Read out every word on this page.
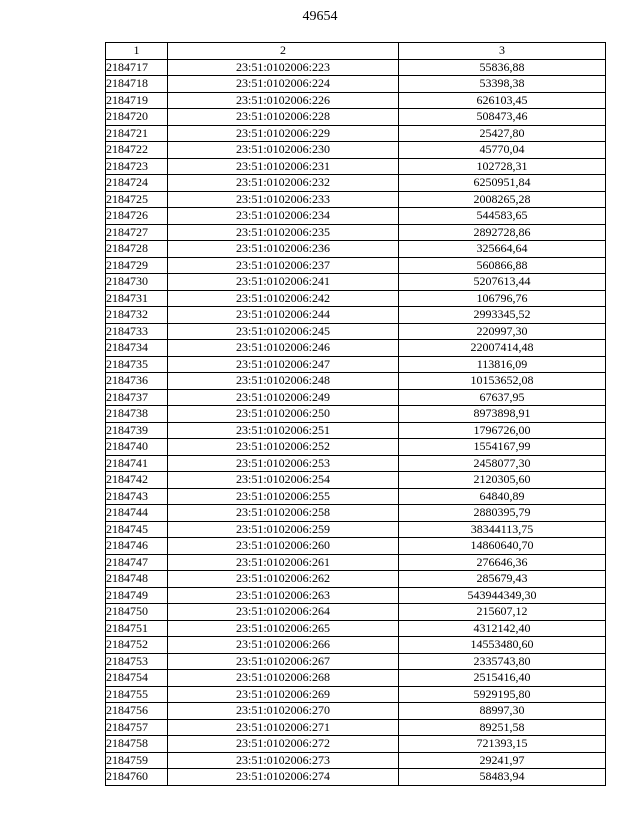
49654
1	2	3
2184717	23:51:0102006:223	55836,88
2184718	23:51:0102006:224	53398,38
2184719	23:51:0102006:226	626103,45
2184720	23:51:0102006:228	508473,46
2184721	23:51:0102006:229	25427,80
2184722	23:51:0102006:230	45770,04
2184723	23:51:0102006:231	102728,31
2184724	23:51:0102006:232	6250951,84
2184725	23:51:0102006:233	2008265,28
2184726	23:51:0102006:234	544583,65
2184727	23:51:0102006:235	2892728,86
2184728	23:51:0102006:236	325664,64
2184729	23:51:0102006:237	560866,88
2184730	23:51:0102006:241	5207613,44
2184731	23:51:0102006:242	106796,76
2184732	23:51:0102006:244	2993345,52
2184733	23:51:0102006:245	220997,30
2184734	23:51:0102006:246	22007414,48
2184735	23:51:0102006:247	113816,09
2184736	23:51:0102006:248	10153652,08
2184737	23:51:0102006:249	67637,95
2184738	23:51:0102006:250	8973898,91
2184739	23:51:0102006:251	1796726,00
2184740	23:51:0102006:252	1554167,99
2184741	23:51:0102006:253	2458077,30
2184742	23:51:0102006:254	2120305,60
2184743	23:51:0102006:255	64840,89
2184744	23:51:0102006:258	2880395,79
2184745	23:51:0102006:259	38344113,75
2184746	23:51:0102006:260	14860640,70
2184747	23:51:0102006:261	276646,36
2184748	23:51:0102006:262	285679,43
2184749	23:51:0102006:263	543944349,30
2184750	23:51:0102006:264	215607,12
2184751	23:51:0102006:265	4312142,40
2184752	23:51:0102006:266	14553480,60
2184753	23:51:0102006:267	2335743,80
2184754	23:51:0102006:268	2515416,40
2184755	23:51:0102006:269	5929195,80
2184756	23:51:0102006:270	88997,30
2184757	23:51:0102006:271	89251,58
2184758	23:51:0102006:272	721393,15
2184759	23:51:0102006:273	29241,97
2184760	23:51:0102006:274	58483,94
